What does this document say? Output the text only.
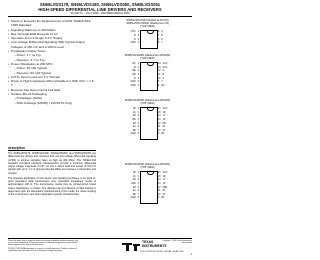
SN65LVDS179, SN65LVDS180, SN65LVDS050, SN65LVDS051
HIGH-SPEED DIFFERENTIAL LINE DRIVERS AND RECEIVERS
SLLS377C – JULY 1999 – REVISED MARCH 2000
• Meets or Exceeds the Requirements of ANSI TIA/EIA-644-1995 Standard
• Signaling Rates up to 400 Mbit/s
• Bus-Terminal ESD Exceeds 12 kV
• Operates From a Single 3.3-V Supply
• Low-Voltage Differential Signaling With Typical Output Voltages of 350 mV and a 100-Ω Load
• Propagation Delay Times
– Driver: 1.7 ns Typ
– Receiver: 3.7 ns Typ
• Power Dissipation at 200 MHz
– Driver: 25 mW Typical
– Receiver: 60 mW Typical
• LVTTL Input Levels are 5 V Tolerant
• Driver is High Impedance When Disabled or With VCC < 1.5 V
• Receiver has Open-Circuit Fail Safe
• Surface-Mount Packaging
– D Package (SOIC)
– DGK Package (MSOP) (‘LVDS179 Only)
description

The SN65LVDS179, SN65LVDS180, SN65LVDS050, and SN65LVDS051 are differential line drivers and receivers that use low-voltage differential signaling (LVDS) to achieve signaling rates as high as 400 Mbps. The TIA/EIA-644 standard compliant electrical characteristics provide a minimum differential output voltage magnitude of 247 mV into a 100-Ω load and receipt of 100-mV signals with up to 1 V of ground potential difference between a transmitter and receiver.

The intended application of this device and signaling technique is for point-to-point baseband data transmission over controlled impedance media of approximately 100 Ω. The transmission media may be printed-circuit board traces, backplanes, or cables. The ultimate rate and distance of data transfer is dependent upon the attenuation characteristics of the media, the noise coupling to the environment, and other application specific characteristics.

SN65LVDS179D (Marked as DL179)
SN65LVDS179DGK (Marked as L79)
(TOP VIEW)
VCC 1	8 A
R 2	7 B
D 3	6 Z
GND 4	5 Y
SN65LVDS180D (Marked as LVDS180)
(TOP VIEW)
NC 1	14 VCC
R 2	13 VCC
RE 3	12 A
DE 4	11 B
D 5	10 Z
GND 6	9 Y
GND 7	8 NC
SN65LVDS050D (Marked as LVDS050)
(TOP VIEW)
1B 1	16 VCC
1A 2	15 1D
1R 3	14 1Y
RE 4	13 1Z
2R 5	12 DE
2A 6	11 2Z
2B 7	10 2Y
GND 8	9 2D
SN65LVDS051D (Marked as LVDS051)
(TOP VIEW)
1B 1	16 VCC
1A 2	15 1D
1R 3	14 1Y
1DE 4	13 1Z
2R 5	12 2DE
2A 6	11 2Z
2B 7	10 2Y
GND 8	9 2D
Please be aware that an important notice concerning availability, standard warranty, and use in critical applications of Texas Instruments semiconductor products and disclaimers thereto appears at the end of this data sheet.
PRODUCTION DATA information is current as of publication date. Products conform to specifications per the terms of Texas Instruments standard warranty.
TEXAS
INSTRUMENTS
POST OFFICE BOX 655303 • DALLAS, TEXAS 75265
Copyright © 2000, Texas Instruments Incorporated
1
